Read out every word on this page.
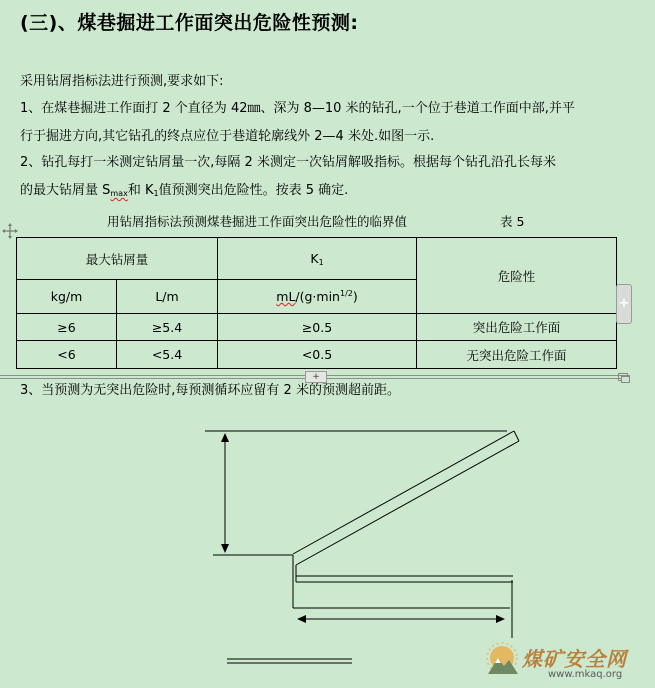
(三)、煤巷掘进工作面突出危险性预测:
采用钻屑指标法进行预测,要求如下:
1、在煤巷掘进工作面打 2 个直径为 42㎜、深为 8—10 米的钻孔,一个位于巷道工作面中部,并平
行于掘进方向,其它钻孔的终点应位于巷道轮廓线外 2—4 米处.如图一示.
2、钻孔每打一米测定钻屑量一次,每隔 2 米测定一次钻屑解吸指标。根据每个钻孔沿孔长每米
的最大钻屑量 $S_{max}$和 $K_1$值预测突出危险性。按表 5 确定.
用钻屑指标法预测煤巷掘进工作面突出危险性的临界值	表 5
最大钻屑量		$K_1$	危险性
kg/m	L/m	$mL/(g\cdot\min^{1/2})$	
≥6	≥5.4	≥0.5	突出危险工作面
<6	<5.4	<0.5	无突出危险工作面
+
+
3、当预测为无突出危险时,每预测循环应留有 2 米的预测超前距。
煤矿安全网
www.mkaq.org
